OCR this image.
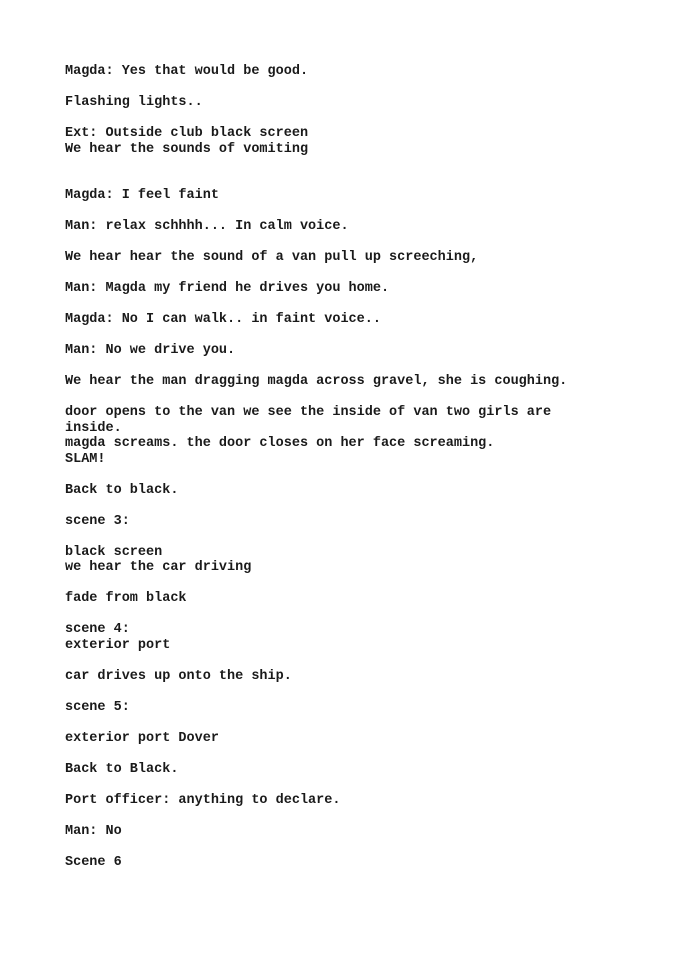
Magda: Yes that would be good.
Flashing lights..
Ext: Outside club black screen
We hear the sounds of vomiting
Magda: I feel faint
Man: relax schhhh... In calm voice.
We hear hear the sound of a van pull up screeching,
Man: Magda my friend he drives you home.
Magda: No I can walk.. in faint voice..
Man: No we drive you.
We hear the man dragging magda across gravel, she is coughing.
door opens to the van we see the inside of van two girls are
inside.
magda screams. the door closes on her face screaming.
SLAM!
Back to black.
scene 3:
black screen
we hear the car driving
fade from black
scene 4:
exterior port
car drives up onto the ship.
scene 5:
exterior port Dover
Back to Black.
Port officer: anything to declare.
Man: No
Scene 6
